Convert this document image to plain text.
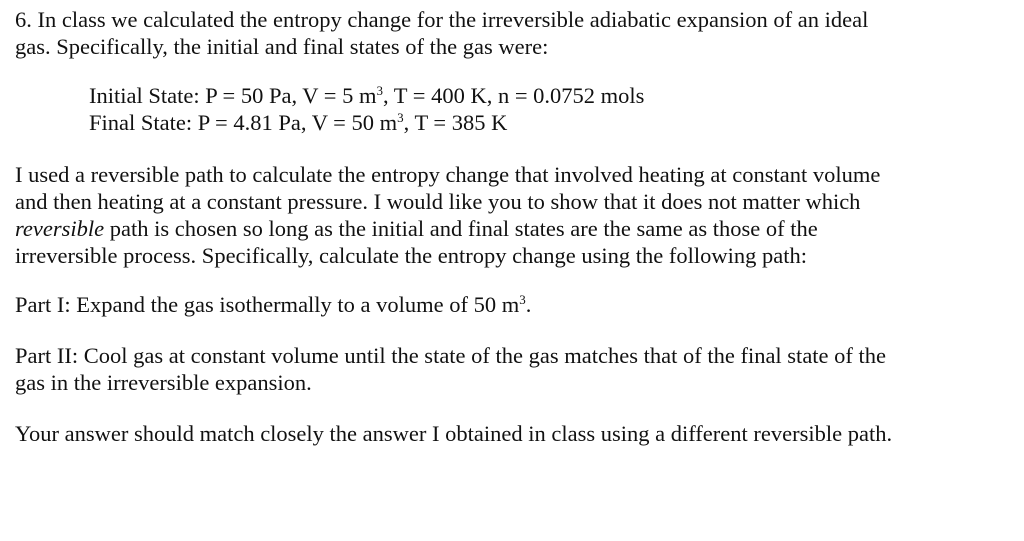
6. In class we calculated the entropy change for the irreversible adiabatic expansion of an ideal
gas. Specifically, the initial and final states of the gas were:
Initial State: P = 50 Pa, V = 5 $m^3$, T = 400 K, n = 0.0752 mols
Final State: P = 4.81 Pa, V = 50 $m^3$, T = 385 K
I used a reversible path to calculate the entropy change that involved heating at constant volume
and then heating at a constant pressure. I would like you to show that it does not matter which
reversible path is chosen so long as the initial and final states are the same as those of the
irreversible process. Specifically, calculate the entropy change using the following path:
Part I: Expand the gas isothermally to a volume of 50 $m^3$.
Part II: Cool gas at constant volume until the state of the gas matches that of the final state of the
gas in the irreversible expansion.
Your answer should match closely the answer I obtained in class using a different reversible path.
